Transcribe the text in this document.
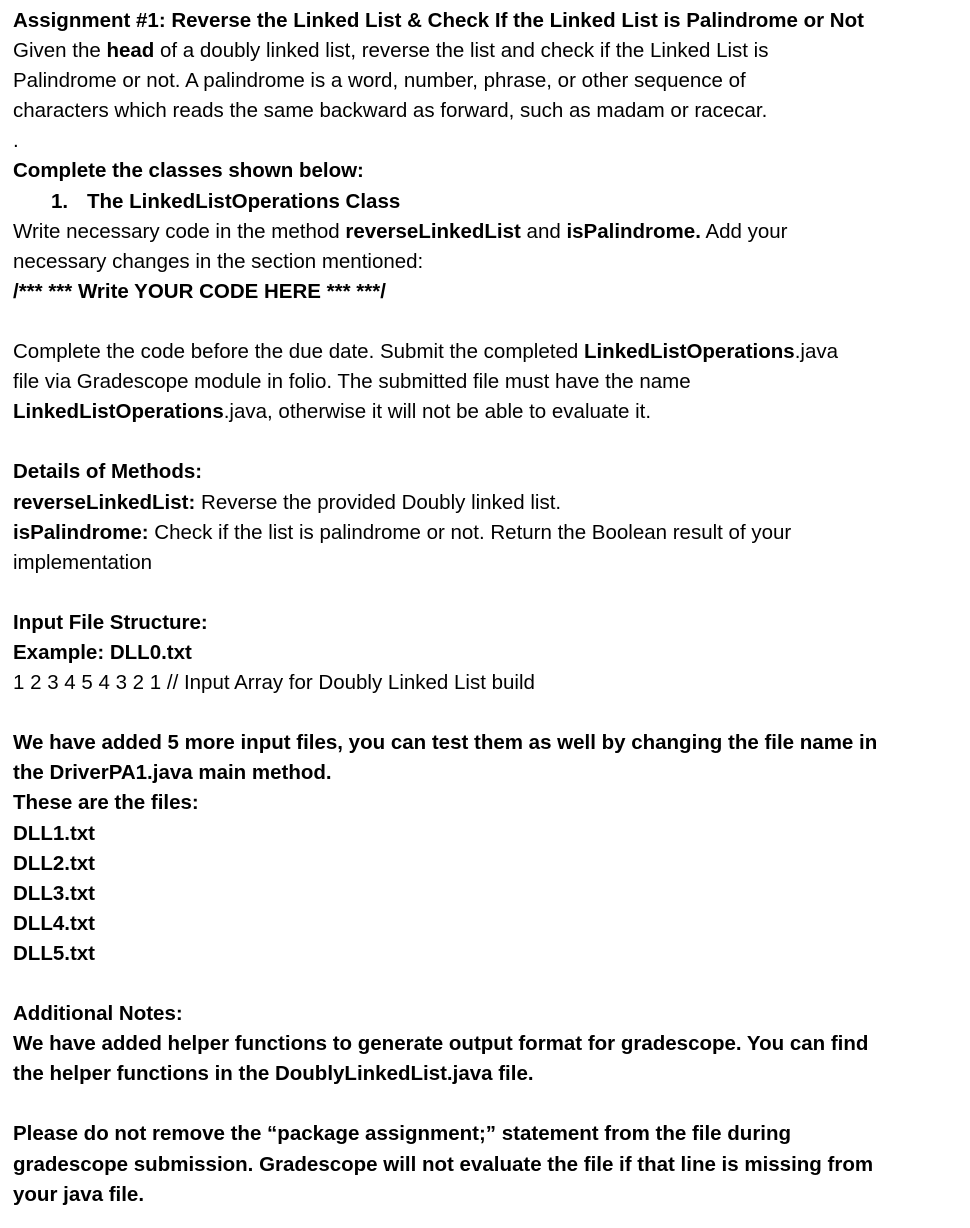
Assignment #1: Reverse the Linked List & Check If the Linked List is Palindrome or Not
Given the head of a doubly linked list, reverse the list and check if the Linked List is
Palindrome or not. A palindrome is a word, number, phrase, or other sequence of
characters which reads the same backward as forward, such as madam or racecar.
.
Complete the classes shown below:
1. The LinkedListOperations Class
Write necessary code in the method reverseLinkedList and isPalindrome. Add your
necessary changes in the section mentioned:
/*** *** Write YOUR CODE HERE *** ***/
Complete the code before the due date. Submit the completed LinkedListOperations.java
file via Gradescope module in folio. The submitted file must have the name
LinkedListOperations.java, otherwise it will not be able to evaluate it.
Details of Methods:
reverseLinkedList: Reverse the provided Doubly linked list.
isPalindrome: Check if the list is palindrome or not. Return the Boolean result of your
implementation
Input File Structure:
Example: DLL0.txt
1 2 3 4 5 4 3 2 1 // Input Array for Doubly Linked List build
We have added 5 more input files, you can test them as well by changing the file name in
the DriverPA1.java main method.
These are the files:
DLL1.txt
DLL2.txt
DLL3.txt
DLL4.txt
DLL5.txt
Additional Notes:
We have added helper functions to generate output format for gradescope. You can find
the helper functions in the DoublyLinkedList.java file.
Please do not remove the “package assignment;” statement from the file during
gradescope submission. Gradescope will not evaluate the file if that line is missing from
your java file.
